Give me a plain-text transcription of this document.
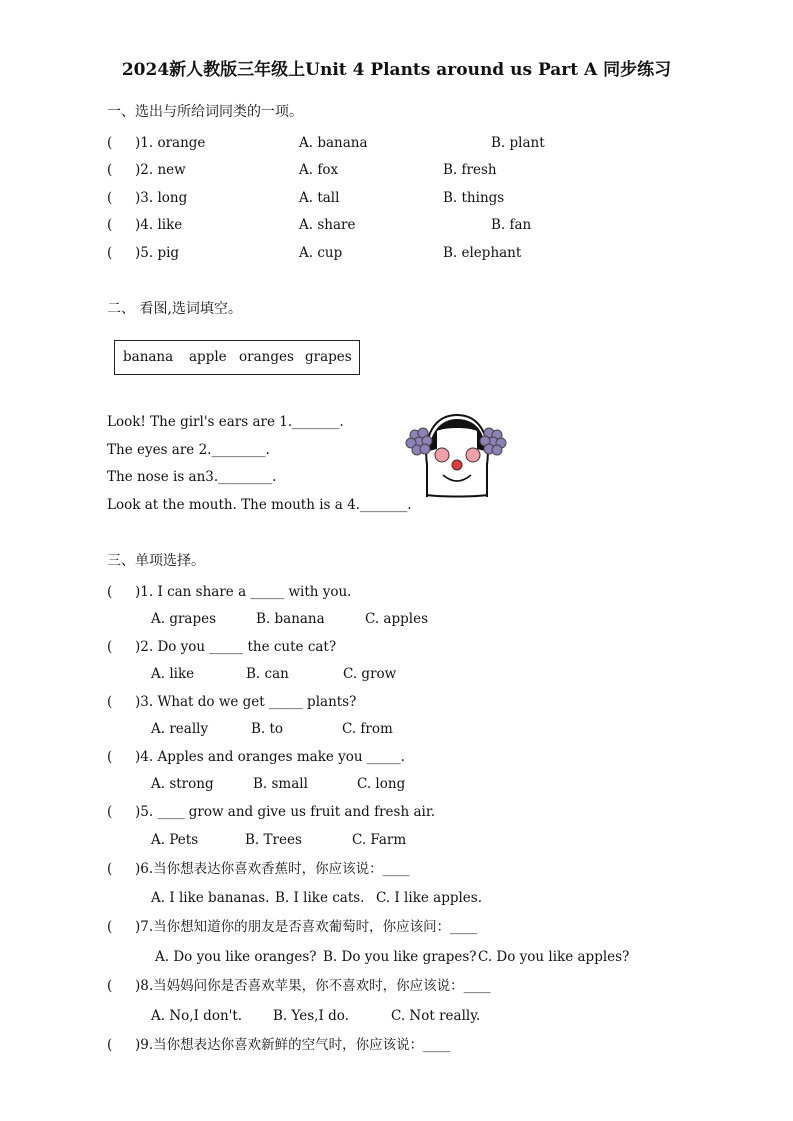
2024新人教版三年级上Unit 4 Plants around us Part A 同步练习
一、选出与所给词同类的一项。
( )1. orange	A. banana	B. plant
( )2. new	A. fox	B. fresh
( )3. long	A. tall	B. things
( )4. like	A. share	B. fan
( )5. pig	A. cup	B. elephant
二、 看图,选词填空。
banana apple oranges grapes
Look! The girl's ears are 1._______.
The eyes are 2.________.
The nose is an3.________.
Look at the mouth. The mouth is a 4._______.
三、单项选择。
( )1. I can share a _____ with you.
A. grapes	B. banana	C. apples
( )2. Do you _____ the cute cat?
A. like	B. can	C. grow
( )3. What do we get _____ plants?
A. really	B. to	C. from
( )4. Apples and oranges make you _____.
A. strong	B. small	C. long
( )5. ____ grow and give us fruit and fresh air.
A. Pets	B. Trees	C. Farm
( )6.当你想表达你喜欢香蕉时，你应该说：____
A. I like bananas. B. I like cats. C. I like apples.
( )7.当你想知道你的朋友是否喜欢葡萄时，你应该问：____
A. Do you like oranges? B. Do you like grapes? C. Do you like apples?
( )8.当妈妈问你是否喜欢苹果，你不喜欢时，你应该说：____
A. No,I don't. B. Yes,I do.	C. Not really.
( )9.当你想表达你喜欢新鲜的空气时，你应该说：____
